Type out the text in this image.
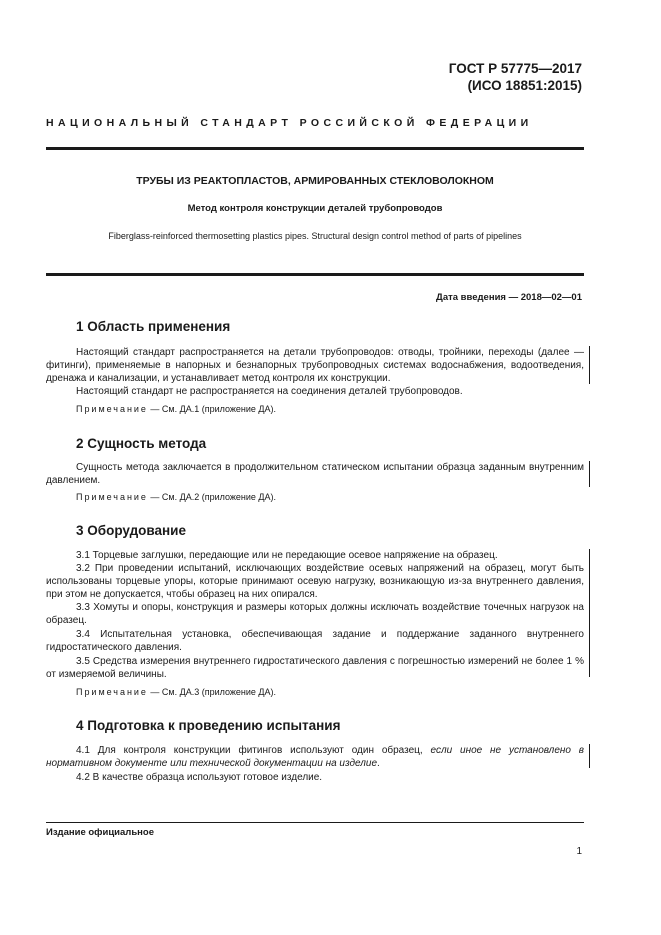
ГОСТ Р 57775—2017
(ИСО 18851:2015)
НАЦИОНАЛЬНЫЙ СТАНДАРТ РОССИЙСКОЙ ФЕДЕРАЦИИ
ТРУБЫ ИЗ РЕАКТОПЛАСТОВ, АРМИРОВАННЫХ СТЕКЛОВОЛОКНОМ
Метод контроля конструкции деталей трубопроводов
Fiberglass-reinforced thermosetting plastics pipes. Structural design control method of parts of pipelines
Дата введения — 2018—02—01
1 Область применения
Настоящий стандарт распространяется на детали трубопроводов: отводы, тройники, переходы (далее — фитинги), применяемые в напорных и безнапорных трубопроводных системах водоснабжения, водоотведения, дренажа и канализации, и устанавливает метод контроля их конструкции.
Настоящий стандарт не распространяется на соединения деталей трубопроводов.
Примечание — См. ДА.1 (приложение ДА).
2 Сущность метода
Сущность метода заключается в продолжительном статическом испытании образца заданным внутренним давлением.
Примечание — См. ДА.2 (приложение ДА).
3 Оборудование
3.1 Торцевые заглушки, передающие или не передающие осевое напряжение на образец.
3.2 При проведении испытаний, исключающих воздействие осевых напряжений на образец, могут быть использованы торцевые упоры, которые принимают осевую нагрузку, возникающую из-за внутреннего давления, при этом не допускается, чтобы образец на них опирался.
3.3 Хомуты и опоры, конструкция и размеры которых должны исключать воздействие точечных нагрузок на образец.
3.4 Испытательная установка, обеспечивающая задание и поддержание заданного внутреннего гидростатического давления.
3.5 Средства измерения внутреннего гидростатического давления с погрешностью измерений не более 1 % от измеряемой величины.
Примечание — См. ДА.3 (приложение ДА).
4 Подготовка к проведению испытания
4.1 Для контроля конструкции фитингов используют один образец, если иное не установлено в нормативном документе или технической документации на изделие.
4.2 В качестве образца используют готовое изделие.
Издание официальное
1
